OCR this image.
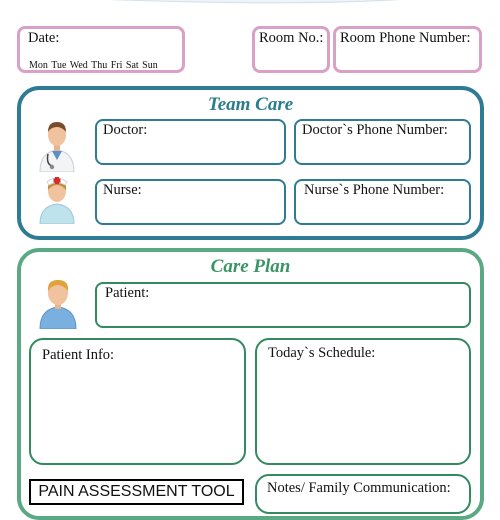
Date:
Mon Tue Wed Thu Fri Sat Sun
Room No.: Room Phone Number:
Team Care
Doctor:	Doctor`s Phone Number:
Nurse:	Nurse`s Phone Number:
Care Plan
Patient:
Patient Info:	Today`s Schedule:
PAIN ASSESSMENT TOOL	Notes/ Family Communication:
